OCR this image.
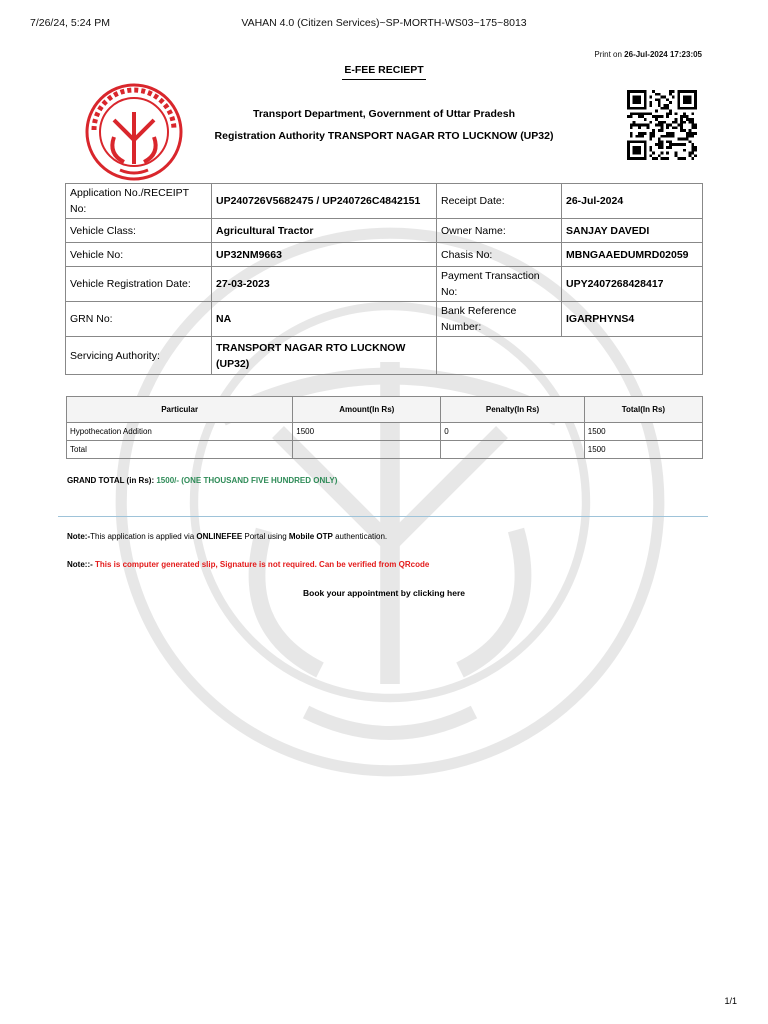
7/26/24, 5:24 PM	VAHAN 4.0 (Citizen Services)~SP-MORTH-WS03~175~8013
Print on 26-Jul-2024 17:23:05
E-FEE RECIEPT
Transport Department, Government of Uttar Pradesh
Registration Authority TRANSPORT NAGAR RTO LUCKNOW (UP32)
Application No./RECEIPT No:	UP240726V5682475 / UP240726C4842151	Receipt Date:	26-Jul-2024
Vehicle Class:	Agricultural Tractor	Owner Name:	SANJAY DAVEDI
Vehicle No:	UP32NM9663	Chasis No:	MBNGAAEDUMRD02059
Vehicle Registration Date:	27-03-2023	Payment Transaction No:	UPY2407268428417
GRN No:	NA	Bank Reference Number:	IGARPHYNS4
Servicing Authority:	TRANSPORT NAGAR RTO LUCKNOW (UP32)		
Particular	Amount(In Rs)	Penalty(In Rs)	Total(In Rs)
Hypothecation Addition	1500	0	1500
Total			1500
GRAND TOTAL (in Rs): 1500/- (ONE THOUSAND FIVE HUNDRED ONLY)
Note:-This application is applied via ONLINEFEE Portal using Mobile OTP authentication.
Note::- This is computer generated slip, Signature is not required. Can be verified from QRcode
Book your appointment by clicking here
1/1
